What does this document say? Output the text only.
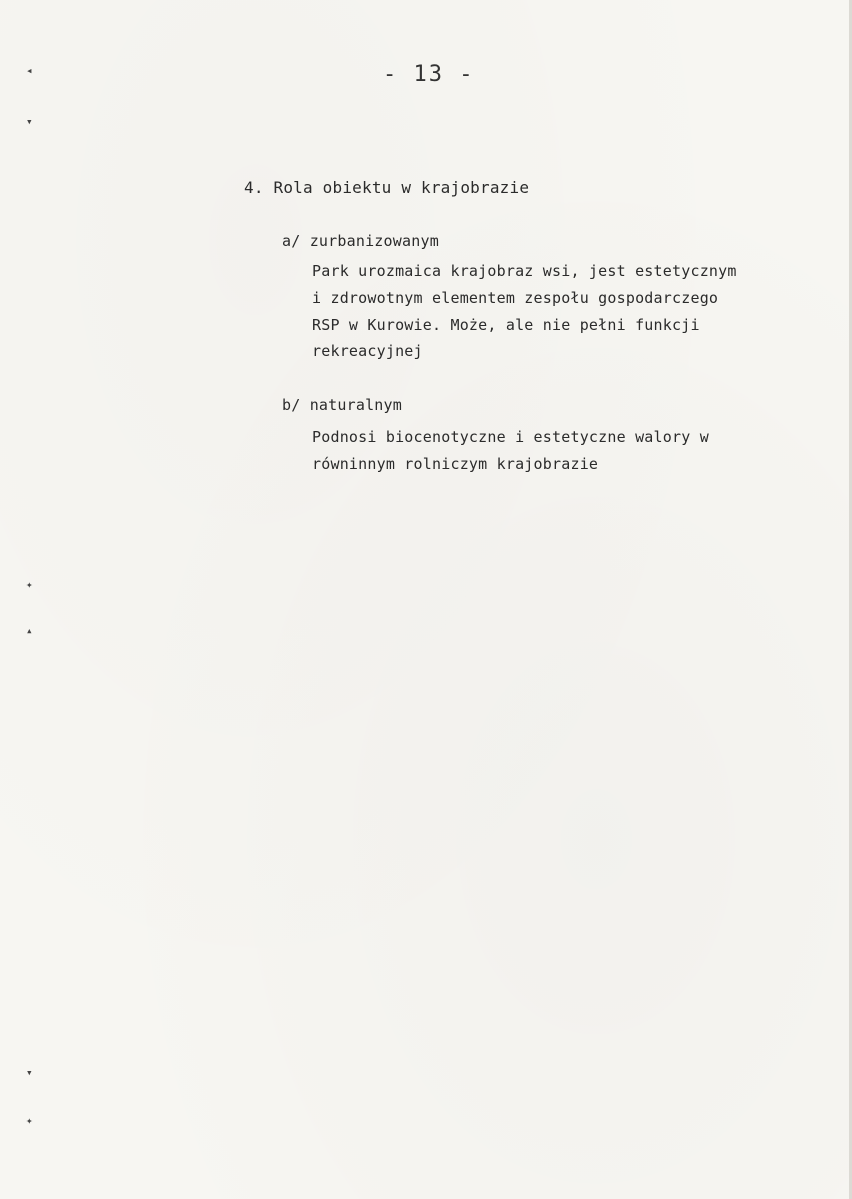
- 13 -
4. Rola obiektu w krajobrazie
a/ zurbanizowanym
Park urozmaica krajobraz wsi, jest estetycznym
i zdrowotnym elementem zespołu gospodarczego
RSP w Kurowie. Może, ale nie pełni funkcji
rekreacyjnej
b/ naturalnym
Podnosi biocenotyczne i estetyczne walory w
równinnym rolniczym krajobrazie
◂
▾
✦
▴
▾
✦
